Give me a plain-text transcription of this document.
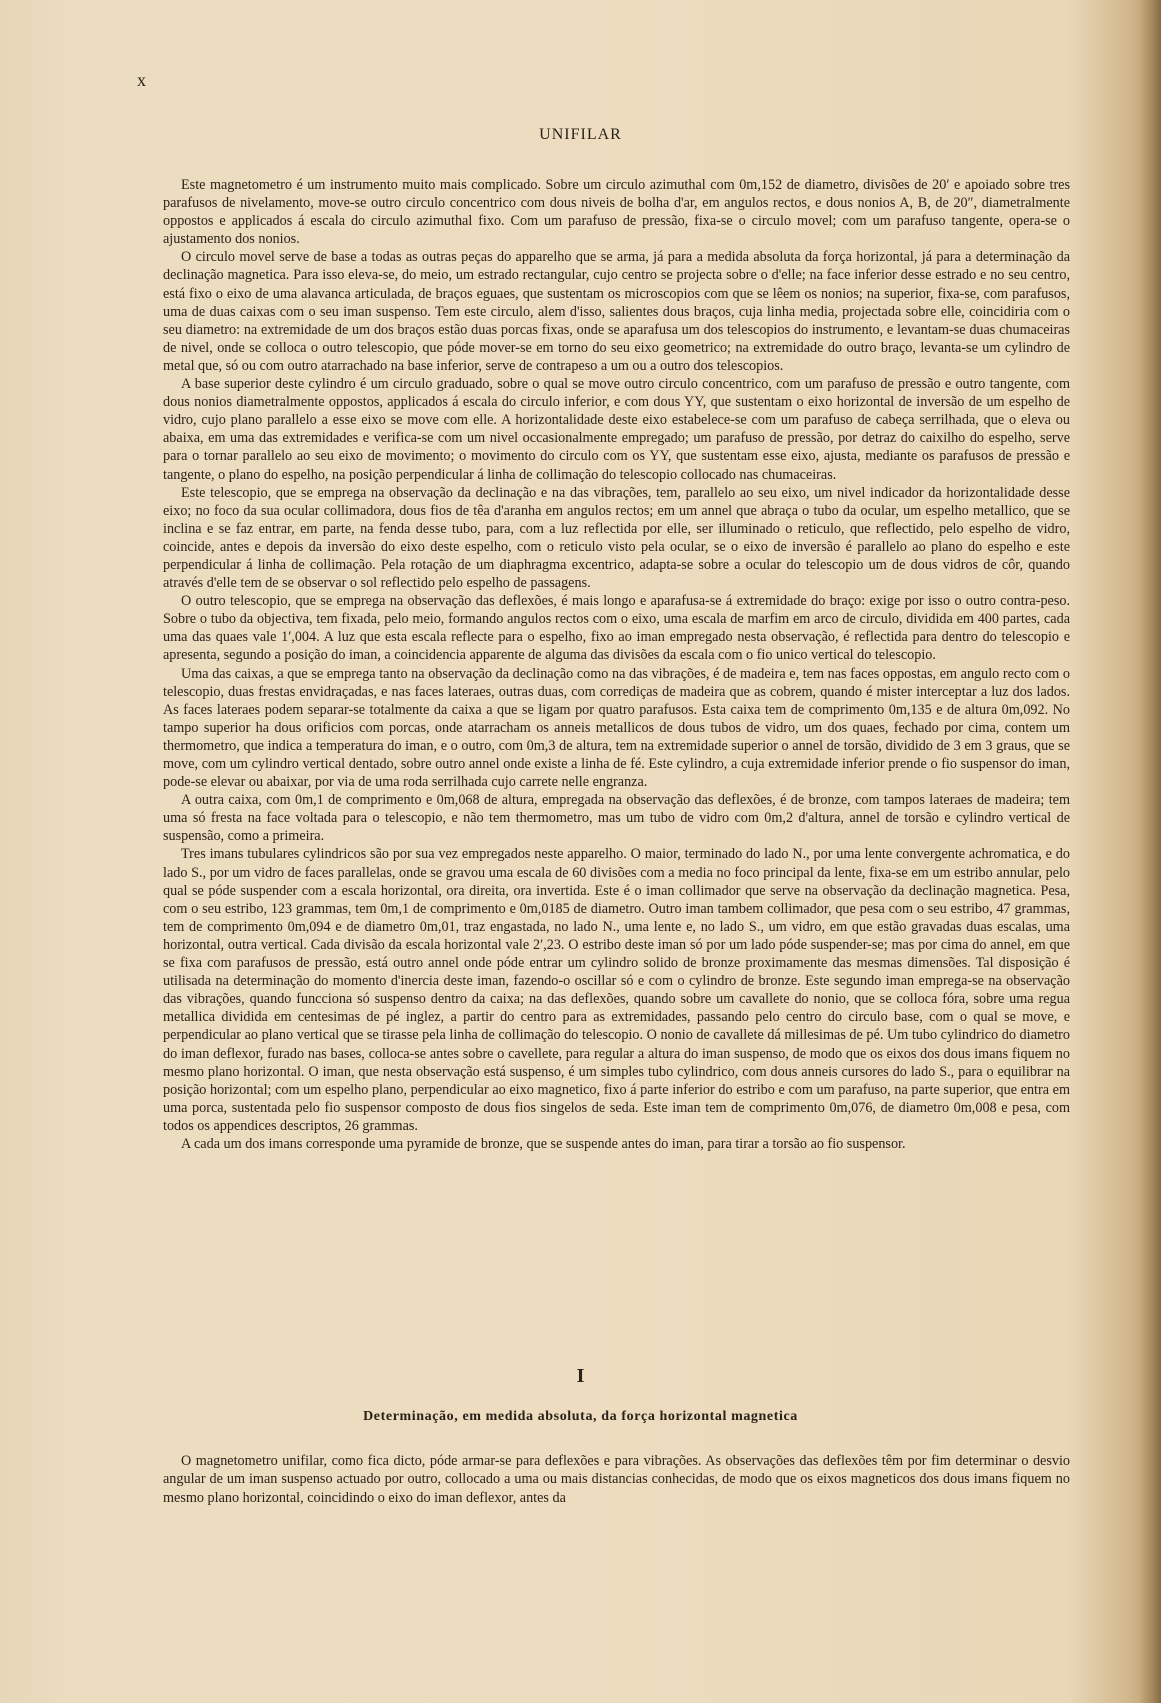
x
UNIFILAR

Este magnetometro é um instrumento muito mais complicado. Sobre um circulo azimuthal com 0m,152 de diametro, divisões de 20′ e apoiado sobre tres parafusos de nivelamento, move-se outro circulo concentrico com dous niveis de bolha d'ar, em angulos rectos, e dous nonios A, B, de 20″, diametralmente oppostos e applicados á escala do circulo azimuthal fixo. Com um parafuso de pressão, fixa-se o circulo movel; com um parafuso tangente, opera-se o ajustamento dos nonios.

O circulo movel serve de base a todas as outras peças do apparelho que se arma, já para a medida absoluta da força horizontal, já para a determinação da declinação magnetica. Para isso eleva-se, do meio, um estrado rectangular, cujo centro se projecta sobre o d'elle; na face inferior desse estrado e no seu centro, está fixo o eixo de uma alavanca articulada, de braços eguaes, que sustentam os microscopios com que se lêem os nonios; na superior, fixa-se, com parafusos, uma de duas caixas com o seu iman suspenso. Tem este circulo, alem d'isso, salientes dous braços, cuja linha media, projectada sobre elle, coincidiria com o seu diametro: na extremidade de um dos braços estão duas porcas fixas, onde se aparafusa um dos telescopios do instrumento, e levantam-se duas chumaceiras de nivel, onde se colloca o outro telescopio, que póde mover-se em torno do seu eixo geometrico; na extremidade do outro braço, levanta-se um cylindro de metal que, só ou com outro atarrachado na base inferior, serve de contrapeso a um ou a outro dos telescopios.

A base superior deste cylindro é um circulo graduado, sobre o qual se move outro circulo concentrico, com um parafuso de pressão e outro tangente, com dous nonios diametralmente oppostos, applicados á escala do circulo inferior, e com dous YY, que sustentam o eixo horizontal de inversão de um espelho de vidro, cujo plano parallelo a esse eixo se move com elle. A horizontalidade deste eixo estabelece-se com um parafuso de cabeça serrilhada, que o eleva ou abaixa, em uma das extremidades e verifica-se com um nivel occasionalmente empregado; um parafuso de pressão, por detraz do caixilho do espelho, serve para o tornar parallelo ao seu eixo de movimento; o movimento do circulo com os YY, que sustentam esse eixo, ajusta, mediante os parafusos de pressão e tangente, o plano do espelho, na posição perpendicular á linha de collimação do telescopio collocado nas chumaceiras.

Este telescopio, que se emprega na observação da declinação e na das vibrações, tem, parallelo ao seu eixo, um nivel indicador da horizontalidade desse eixo; no foco da sua ocular collimadora, dous fios de têa d'aranha em angulos rectos; em um annel que abraça o tubo da ocular, um espelho metallico, que se inclina e se faz entrar, em parte, na fenda desse tubo, para, com a luz reflectida por elle, ser illuminado o reticulo, que reflectido, pelo espelho de vidro, coincide, antes e depois da inversão do eixo deste espelho, com o reticulo visto pela ocular, se o eixo de inversão é parallelo ao plano do espelho e este perpendicular á linha de collimação. Pela rotação de um diaphragma excentrico, adapta-se sobre a ocular do telescopio um de dous vidros de côr, quando através d'elle tem de se observar o sol reflectido pelo espelho de passagens.

O outro telescopio, que se emprega na observação das deflexões, é mais longo e aparafusa-se á extremidade do braço: exige por isso o outro contra-peso. Sobre o tubo da objectiva, tem fixada, pelo meio, formando angulos rectos com o eixo, uma escala de marfim em arco de circulo, dividida em 400 partes, cada uma das quaes vale 1′,004. A luz que esta escala reflecte para o espelho, fixo ao iman empregado nesta observação, é reflectida para dentro do telescopio e apresenta, segundo a posição do iman, a coincidencia apparente de alguma das divisões da escala com o fio unico vertical do telescopio.

Uma das caixas, a que se emprega tanto na observação da declinação como na das vibrações, é de madeira e, tem nas faces oppostas, em angulo recto com o telescopio, duas frestas envidraçadas, e nas faces lateraes, outras duas, com corrediças de madeira que as cobrem, quando é mister interceptar a luz dos lados. As faces lateraes podem separar-se totalmente da caixa a que se ligam por quatro parafusos. Esta caixa tem de comprimento 0m,135 e de altura 0m,092. No tampo superior ha dous orificios com porcas, onde atarracham os anneis metallicos de dous tubos de vidro, um dos quaes, fechado por cima, contem um thermometro, que indica a temperatura do iman, e o outro, com 0m,3 de altura, tem na extremidade superior o annel de torsão, dividido de 3 em 3 graus, que se move, com um cylindro vertical dentado, sobre outro annel onde existe a linha de fé. Este cylindro, a cuja extremidade inferior prende o fio suspensor do iman, pode-se elevar ou abaixar, por via de uma roda serrilhada cujo carrete nelle engranza.

A outra caixa, com 0m,1 de comprimento e 0m,068 de altura, empregada na observação das deflexões, é de bronze, com tampos lateraes de madeira; tem uma só fresta na face voltada para o telescopio, e não tem thermometro, mas um tubo de vidro com 0m,2 d'altura, annel de torsão e cylindro vertical de suspensão, como a primeira.

Tres imans tubulares cylindricos são por sua vez empregados neste apparelho. O maior, terminado do lado N., por uma lente convergente achromatica, e do lado S., por um vidro de faces parallelas, onde se gravou uma escala de 60 divisões com a media no foco principal da lente, fixa-se em um estribo annular, pelo qual se póde suspender com a escala horizontal, ora direita, ora invertida. Este é o iman collimador que serve na observação da declinação magnetica. Pesa, com o seu estribo, 123 grammas, tem 0m,1 de comprimento e 0m,0185 de diametro. Outro iman tambem collimador, que pesa com o seu estribo, 47 grammas, tem de comprimento 0m,094 e de diametro 0m,01, traz engastada, no lado N., uma lente e, no lado S., um vidro, em que estão gravadas duas escalas, uma horizontal, outra vertical. Cada divisão da escala horizontal vale 2′,23. O estribo deste iman só por um lado póde suspender-se; mas por cima do annel, em que se fixa com parafusos de pressão, está outro annel onde póde entrar um cylindro solido de bronze proximamente das mesmas dimensões. Tal disposição é utilisada na determinação do momento d'inercia deste iman, fazendo-o oscillar só e com o cylindro de bronze. Este segundo iman emprega-se na observação das vibrações, quando funcciona só suspenso dentro da caixa; na das deflexões, quando sobre um cavallete do nonio, que se colloca fóra, sobre uma regua metallica dividida em centesimas de pé inglez, a partir do centro para as extremidades, passando pelo centro do circulo base, com o qual se move, e perpendicular ao plano vertical que se tirasse pela linha de collimação do telescopio. O nonio de cavallete dá millesimas de pé. Um tubo cylindrico do diametro do iman deflexor, furado nas bases, colloca-se antes sobre o cavellete, para regular a altura do iman suspenso, de modo que os eixos dos dous imans fiquem no mesmo plano horizontal. O iman, que nesta observação está suspenso, é um simples tubo cylindrico, com dous anneis cursores do lado S., para o equilibrar na posição horizontal; com um espelho plano, perpendicular ao eixo magnetico, fixo á parte inferior do estribo e com um parafuso, na parte superior, que entra em uma porca, sustentada pelo fio suspensor composto de dous fios singelos de seda. Este iman tem de comprimento 0m,076, de diametro 0m,008 e pesa, com todos os appendices descriptos, 26 grammas.

A cada um dos imans corresponde uma pyramide de bronze, que se suspende antes do iman, para tirar a torsão ao fio suspensor.

I
Determinação, em medida absoluta, da força horizontal magnetica

O magnetometro unifilar, como fica dicto, póde armar-se para deflexões e para vibrações. As observações das deflexões têm por fim determinar o desvio angular de um iman suspenso actuado por outro, collocado a uma ou mais distancias conhecidas, de modo que os eixos magneticos dos dous imans fiquem no mesmo plano horizontal, coincidindo o eixo do iman deflexor, antes da
